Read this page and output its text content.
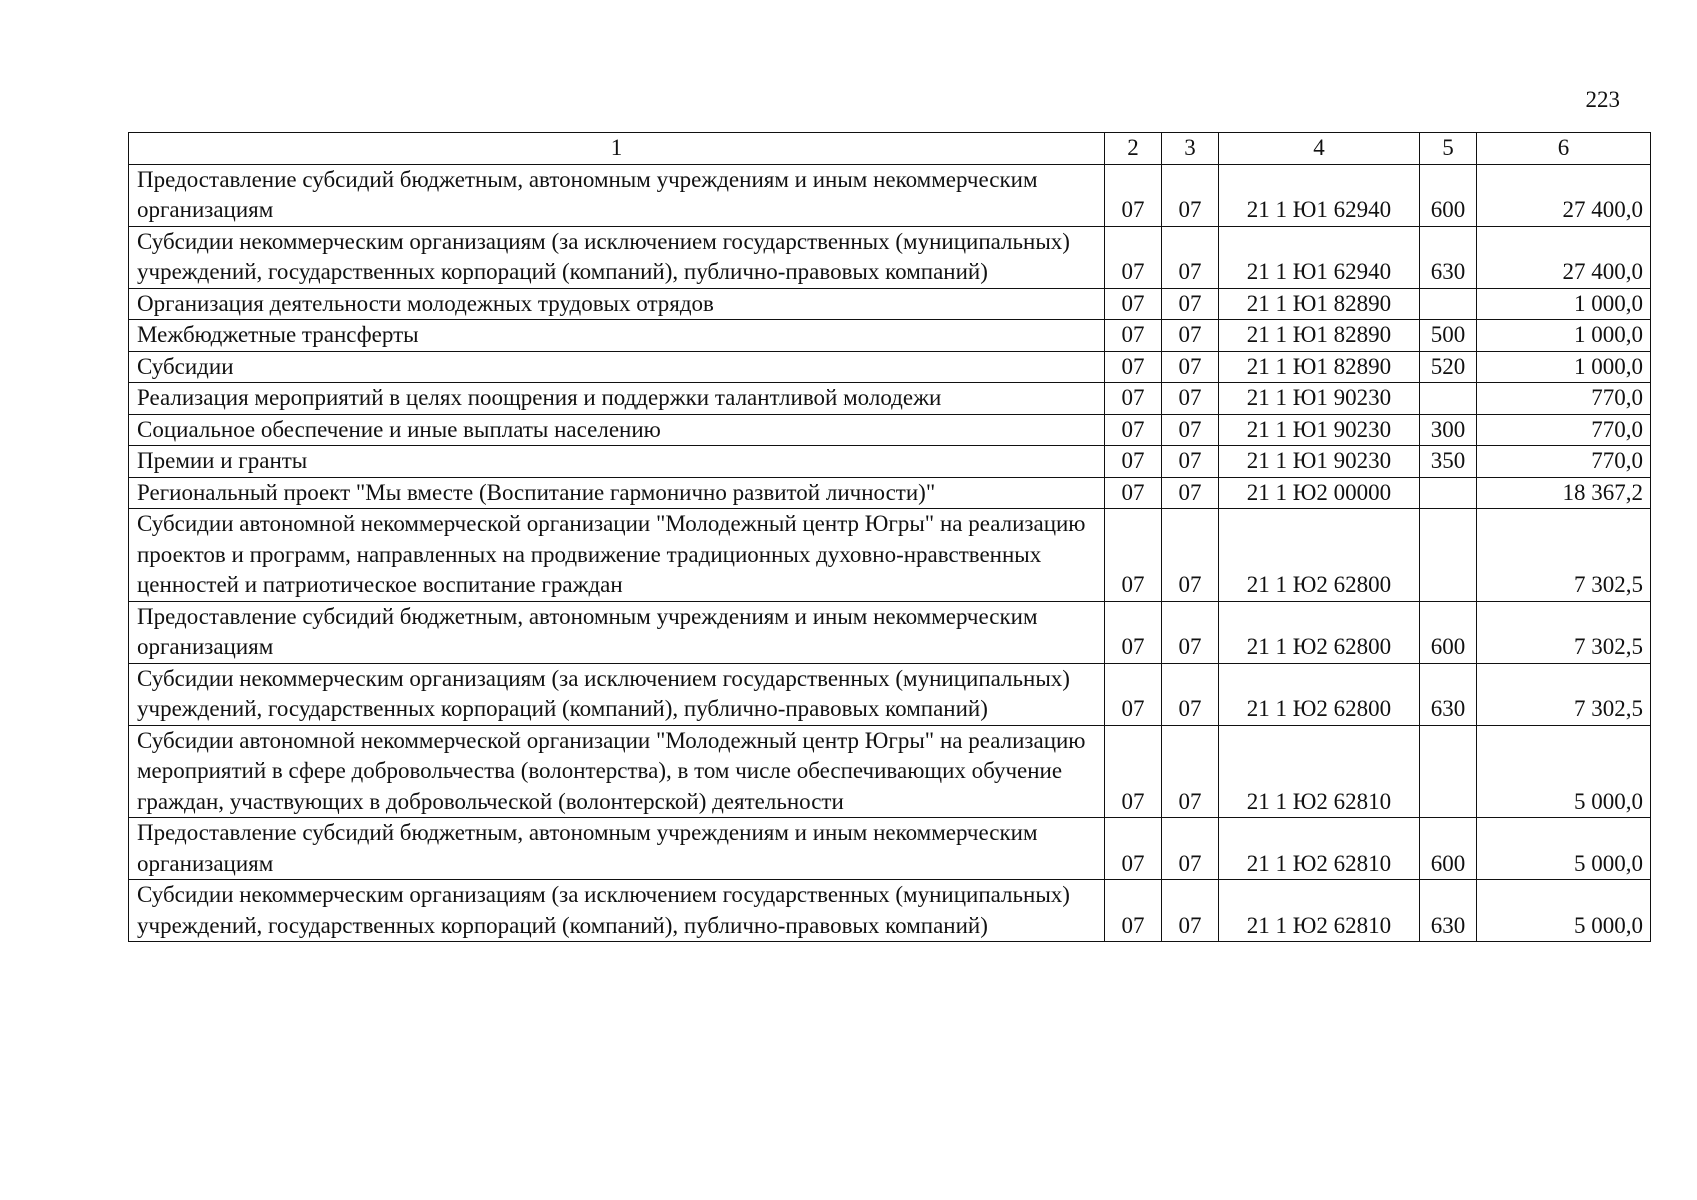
223
1	2	3	4	5	6
Предоставление субсидий бюджетным, автономным учреждениям и иным некоммерческим организациям	07	07	21 1 Ю1 62940	600	27 400,0
Субсидии некоммерческим организациям (за исключением государственных (муниципальных) учреждений, государственных корпораций (компаний), публично-правовых компаний)	07	07	21 1 Ю1 62940	630	27 400,0
Организация деятельности молодежных трудовых отрядов	07	07	21 1 Ю1 82890		1 000,0
Межбюджетные трансферты	07	07	21 1 Ю1 82890	500	1 000,0
Субсидии	07	07	21 1 Ю1 82890	520	1 000,0
Реализация мероприятий в целях поощрения и поддержки талантливой молодежи	07	07	21 1 Ю1 90230		770,0
Социальное обеспечение и иные выплаты населению	07	07	21 1 Ю1 90230	300	770,0
Премии и гранты	07	07	21 1 Ю1 90230	350	770,0
Региональный проект "Мы вместе (Воспитание гармонично развитой личности)"	07	07	21 1 Ю2 00000		18 367,2
Субсидии автономной некоммерческой организации "Молодежный центр Югры" на реализацию проектов и программ, направленных на продвижение традиционных духовно-нравственных ценностей и патриотическое воспитание граждан	07	07	21 1 Ю2 62800		7 302,5
Предоставление субсидий бюджетным, автономным учреждениям и иным некоммерческим организациям	07	07	21 1 Ю2 62800	600	7 302,5
Субсидии некоммерческим организациям (за исключением государственных (муниципальных) учреждений, государственных корпораций (компаний), публично-правовых компаний)	07	07	21 1 Ю2 62800	630	7 302,5
Субсидии автономной некоммерческой организации "Молодежный центр Югры" на реализацию мероприятий в сфере добровольчества (волонтерства), в том числе обеспечивающих обучение граждан, участвующих в добровольческой (волонтерской) деятельности	07	07	21 1 Ю2 62810		5 000,0
Предоставление субсидий бюджетным, автономным учреждениям и иным некоммерческим организациям	07	07	21 1 Ю2 62810	600	5 000,0
Субсидии некоммерческим организациям (за исключением государственных (муниципальных) учреждений, государственных корпораций (компаний), публично-правовых компаний)	07	07	21 1 Ю2 62810	630	5 000,0
